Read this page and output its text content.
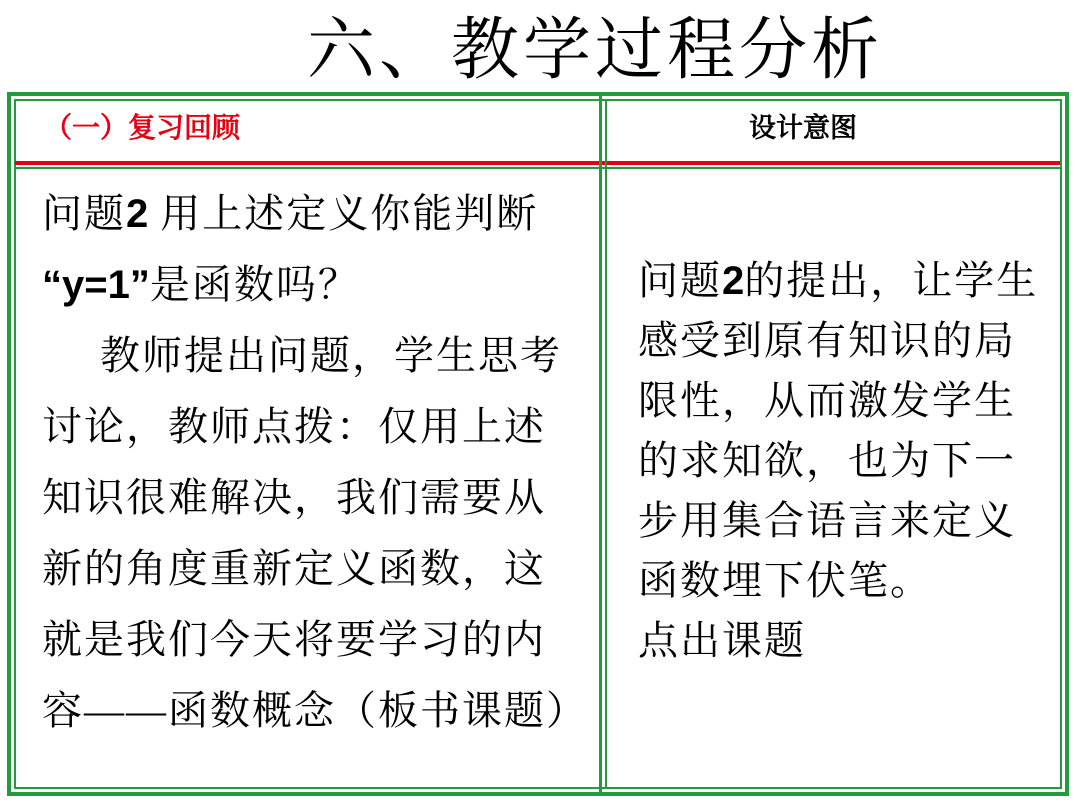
六、教学过程分析
（一）复习回顾	设计意图
问题2 用上述定义你能判断
“y=1”是函数吗？
教师提出问题，学生思考
讨论，教师点拨：仅用上述
知识很难解决，我们需要从
新的角度重新定义函数，这
就是我们今天将要学习的内
容——函数概念（板书课题）
问题2的提出，让学生
感受到原有知识的局
限性，从而激发学生
的求知欲，也为下一
步用集合语言来定义
函数埋下伏笔。
点出课题
